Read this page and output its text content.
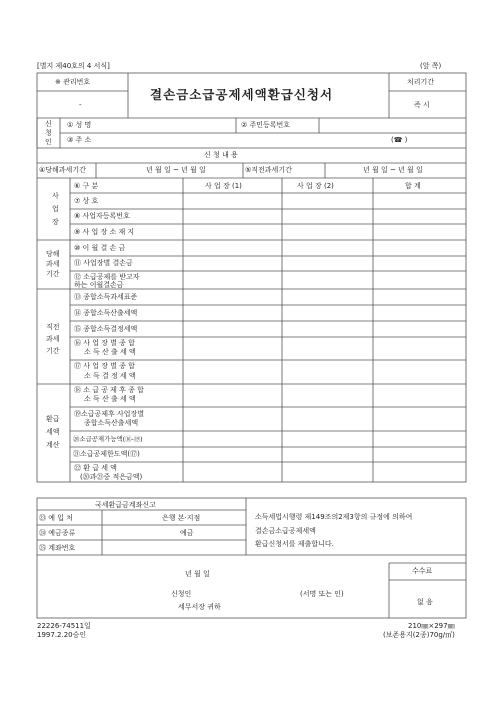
[별지 제40호의 4 서식]	(앞 쪽)
※ 관리번호
-
결손금소급공제세액환급신청서
처리기간
즉 시
신
청
인
① 성 명	② 주민등록번호
③ 주 소	(☎ )
신 청 내 용
④당해과세기간	년 월 일 ~ 년 월 일	⑤직전과세기간	년 월 일 ~ 년 월 일
사
업
장
⑥ 구 분	사 업 장 (1)	사 업 장 (2)	합 계
⑦ 상 호
⑧ 사업자등록번호
⑨ 사 업 장 소 재 지
당해
과세
기간
⑩ 이 월 결 손 금
⑪ 사업장별 결손금
⑫ 소급공제를 받고자
하는 이월결손금
직전
과세
기간
⑬ 종합소득과세표준
⑭ 종합소득산출세액
⑮ 종합소득결정세액
⑯ 사 업 장 별 종 합
소 득 산 출 세 액
⑰ 사 업 장 별 종 합
소 득 결 정 세 액
환급
세액
계산
⑱ 소 급 공 제 후 종 합
소 득 산 출 세 액
⑲소급공제후 사업장별
종합소득산출세액
⑳소급공제가능액(⑯-⑲)
㉑소급공제한도액(⑰)
㉒ 환 급 세 액
(⑳과㉑중 적은금액)
국세환급금계좌신고
㉓ 예 입 처	은행 본·지점
㉔ 예금종류	예금
㉕ 계좌번호
소득세법시행령 제149조의2제3항의 규정에 의하여
결손금소급공제세액
환급신청서를 제출합니다.
년 월 일
신청인	(서명 또는 인)
세무서장 귀하
수수료
없 음
22226-74511일
1997.2.20승인
210㎜×297㎜
(보존용지(2종)70g/㎡)
